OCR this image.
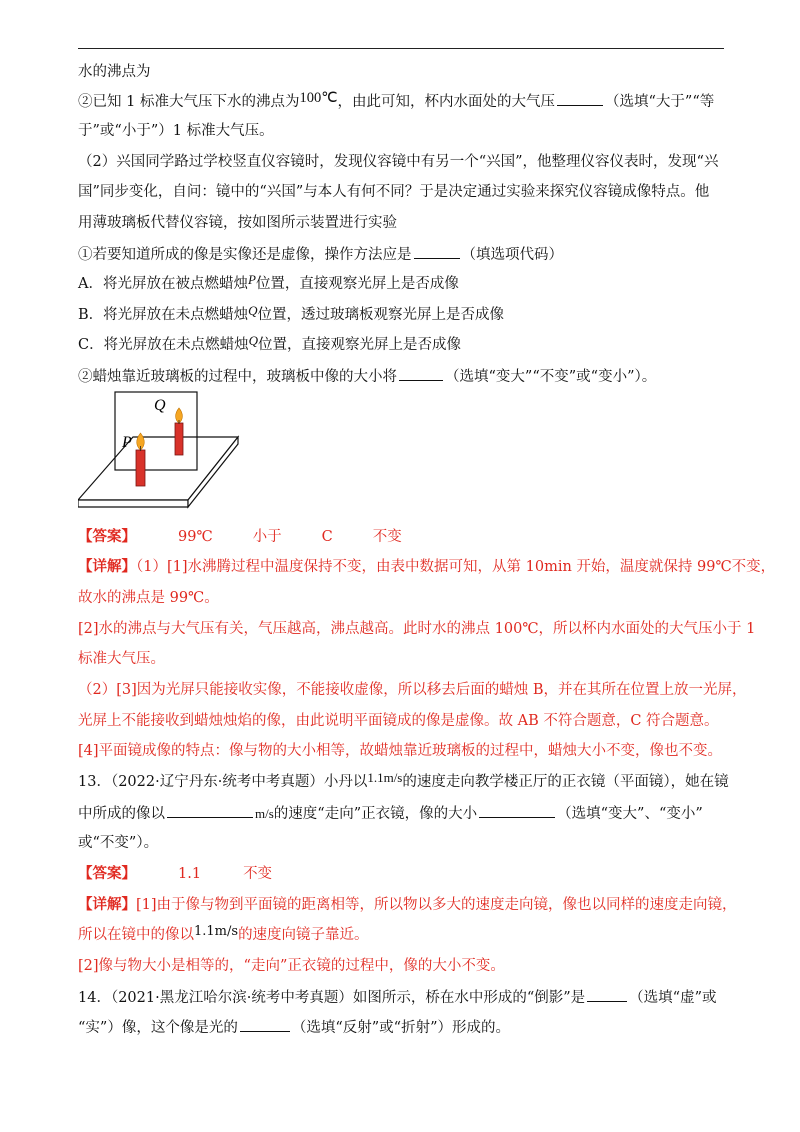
水的沸点为
②已知 1 标准大气压下水的沸点为100℃，由此可知，杯内水面处的大气压	（选填“大于”“等
于”或“小于”）1 标准大气压。
（2）兴国同学路过学校竖直仪容镜时，发现仪容镜中有另一个“兴国”，他整理仪容仪表时，发现“兴
国”同步变化，自问：镜中的“兴国”与本人有何不同？于是决定通过实验来探究仪容镜成像特点。他
用薄玻璃板代替仪容镜，按如图所示装置进行实验
①若要知道所成的像是实像还是虚像，操作方法应是	（填选项代码）
A．将光屏放在被点燃蜡烛P位置，直接观察光屏上是否成像
B．将光屏放在未点燃蜡烛Q位置，透过玻璃板观察光屏上是否成像
C．将光屏放在未点燃蜡烛Q位置，直接观察光屏上是否成像
②蜡烛靠近玻璃板的过程中，玻璃板中像的大小将	（选填“变大”“不变”或“变小”）。
Q
P
【答案】	99℃	小于	C	不变
【详解】（1）[1]水沸腾过程中温度保持不变，由表中数据可知，从第 10min 开始，温度就保持 99℃不变，
故水的沸点是 99℃。
[2]水的沸点与大气压有关，气压越高，沸点越高。此时水的沸点 100℃，所以杯内水面处的大气压小于 1
标准大气压。
（2）[3]因为光屏只能接收实像，不能接收虚像，所以移去后面的蜡烛 B，并在其所在位置上放一光屏，
光屏上不能接收到蜡烛烛焰的像，由此说明平面镜成的像是虚像。故 AB 不符合题意，C 符合题意。
[4]平面镜成像的特点：像与物的大小相等，故蜡烛靠近玻璃板的过程中，蜡烛大小不变，像也不变。
13．（2022·辽宁丹东·统考中考真题）小丹以1.1m/s的速度走向教学楼正厅的正衣镜（平面镜），她在镜
中所成的像以	m/s的速度“走向”正衣镜，像的大小	（选填“变大”、“变小”
或“不变”）。
【答案】	1.1	不变
【详解】[1]由于像与物到平面镜的距离相等，所以物以多大的速度走向镜，像也以同样的速度走向镜，
所以在镜中的像以1.1m/s的速度向镜子靠近。
[2]像与物大小是相等的，“走向”正衣镜的过程中，像的大小不变。
14．（2021·黑龙江哈尔滨·统考中考真题）如图所示，桥在水中形成的“倒影”是	（选填“虚”或
“实”）像，这个像是光的	（选填“反射”或“折射”）形成的。
